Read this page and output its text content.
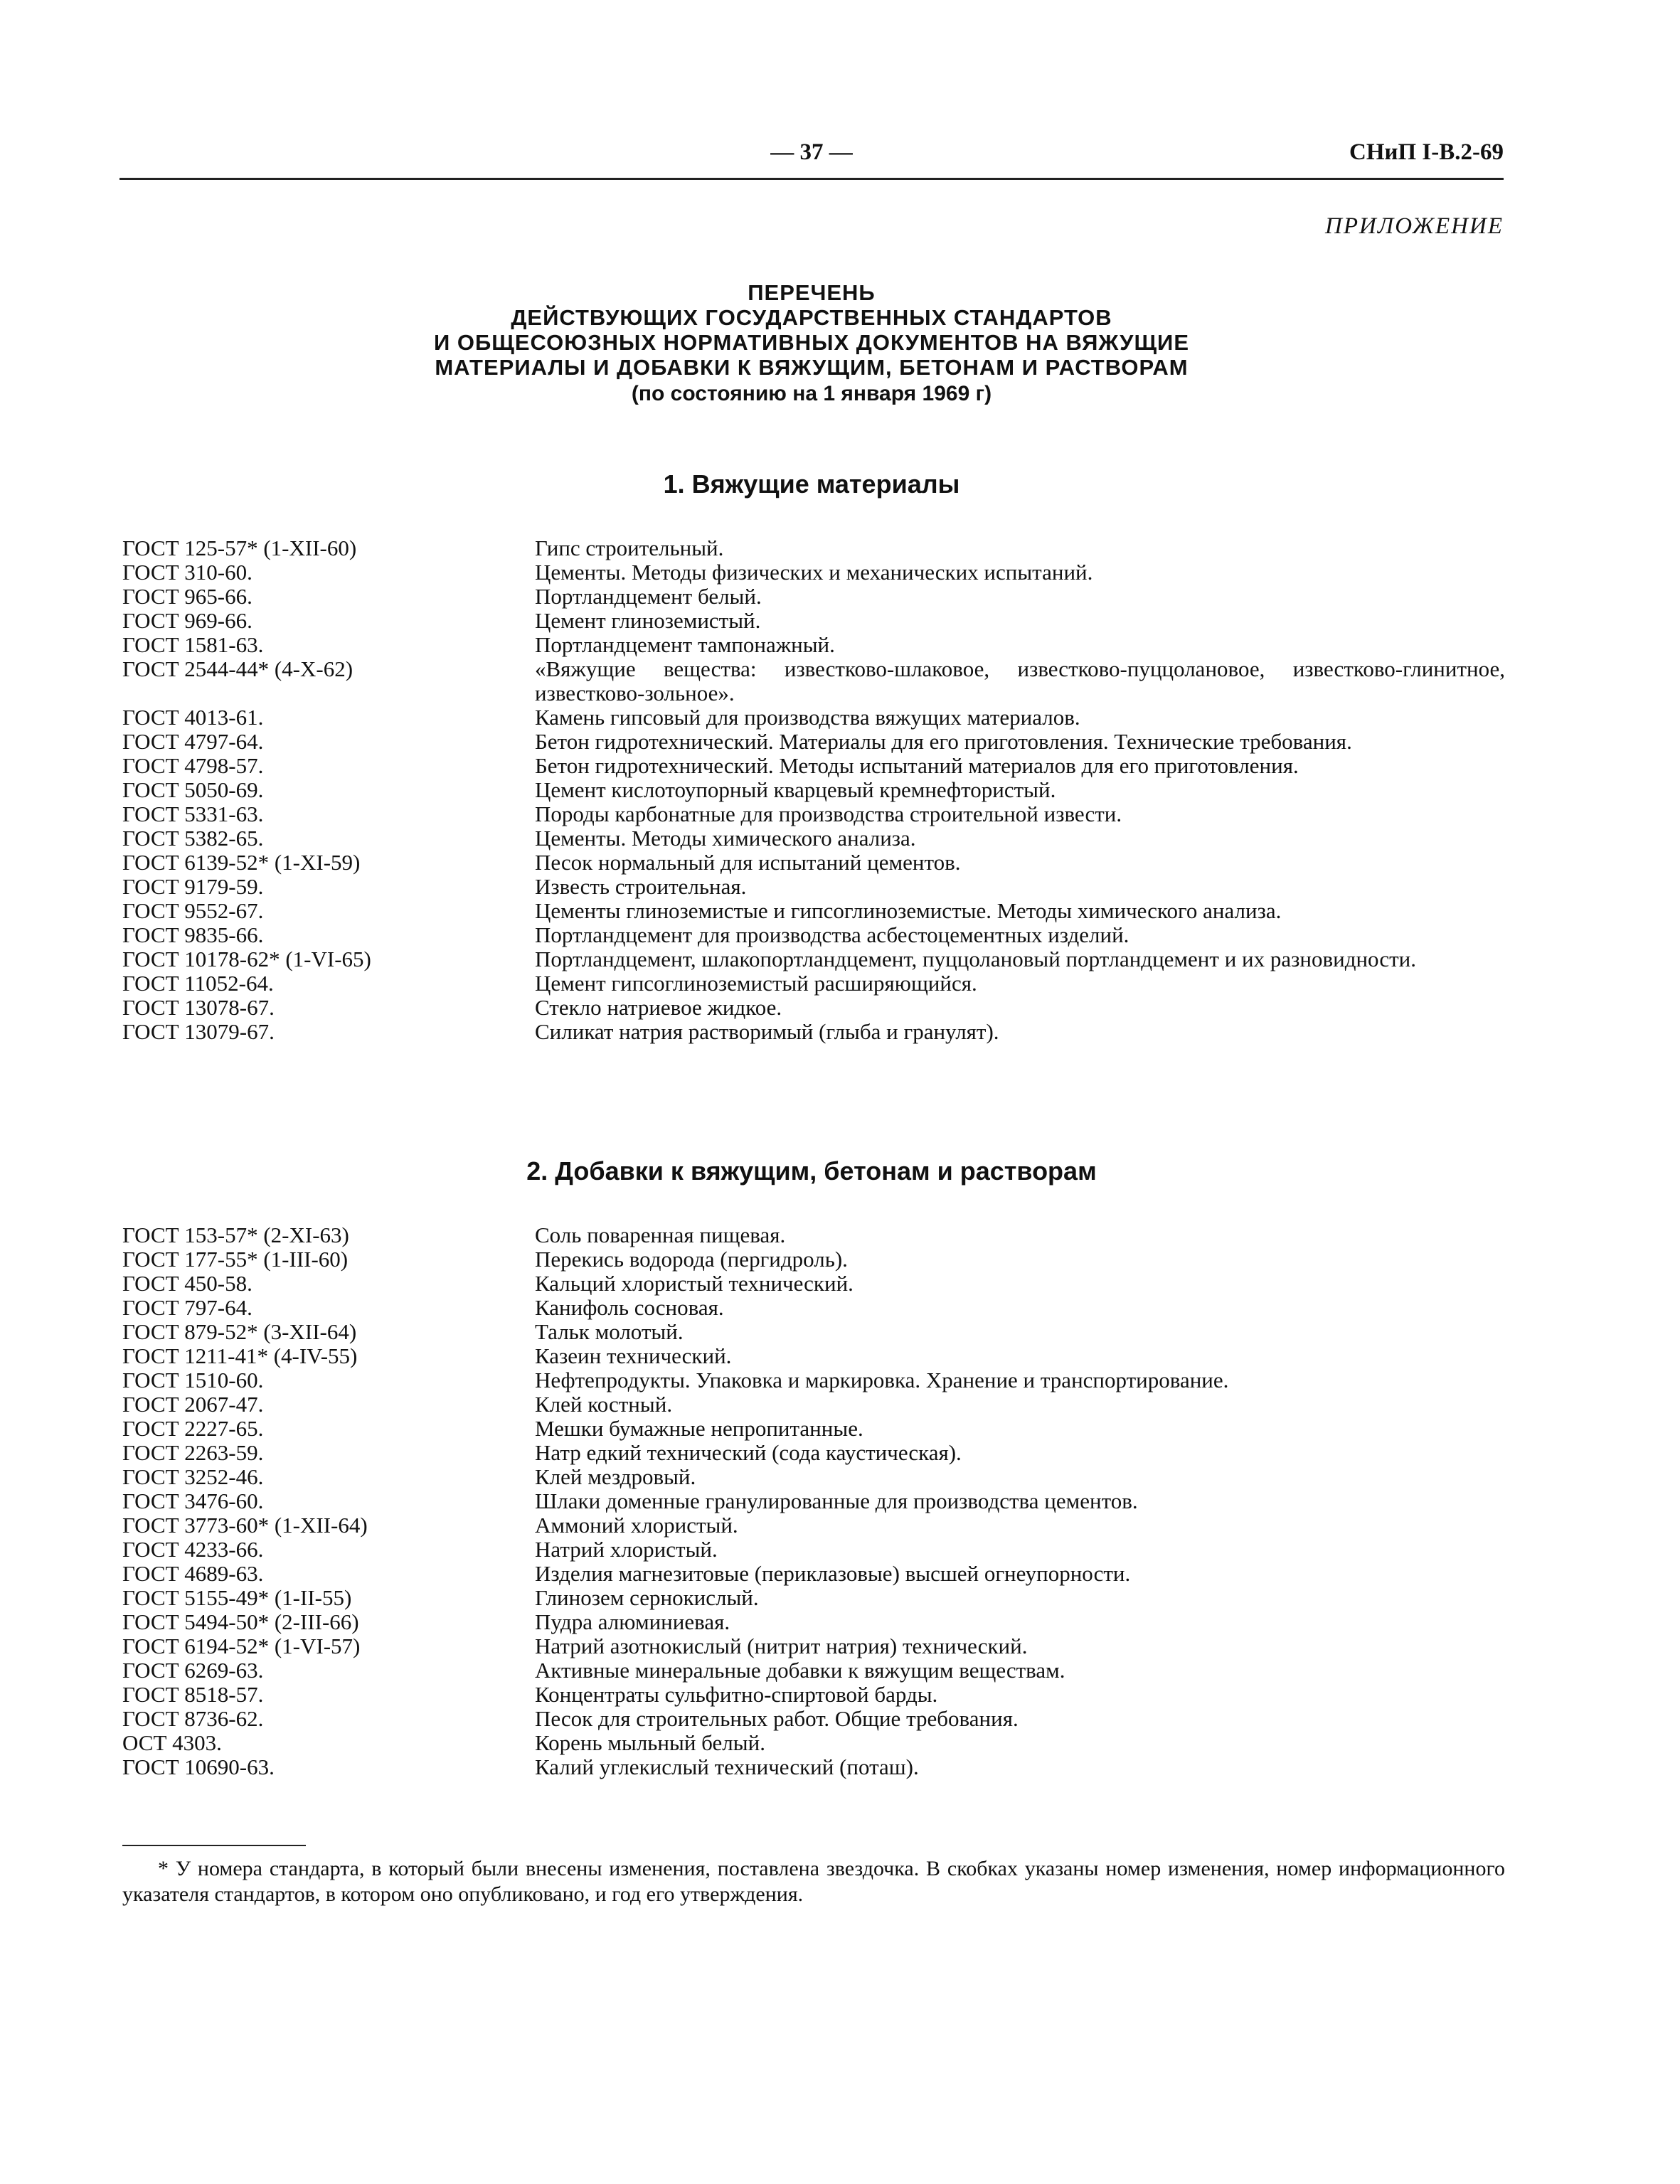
— 37 —	СНиП I-В.2-69
ПРИЛОЖЕНИЕ
ПЕРЕЧЕНЬ
ДЕЙСТВУЮЩИХ ГОСУДАРСТВЕННЫХ СТАНДАРТОВ
И ОБЩЕСОЮЗНЫХ НОРМАТИВНЫХ ДОКУМЕНТОВ НА ВЯЖУЩИЕ
МАТЕРИАЛЫ И ДОБАВКИ К ВЯЖУЩИМ, БЕТОНАМ И РАСТВОРАМ
(по состоянию на 1 января 1969 г)
1. Вяжущие материалы
ГОСТ 125-57* (1-XII-60)	Гипс строительный.
ГОСТ 310-60.	Цементы. Методы физических и механических испытаний.
ГОСТ 965-66.	Портландцемент белый.
ГОСТ 969-66.	Цемент глиноземистый.
ГОСТ 1581-63.	Портландцемент тампонажный.
ГОСТ 2544-44* (4-X-62)	«Вяжущие вещества: известково-шлаковое, известково-пуццолановое, известково-глинитное, известково-зольное».
ГОСТ 4013-61.	Камень гипсовый для производства вяжущих материалов.
ГОСТ 4797-64.	Бетон гидротехнический. Материалы для его приготовления. Технические требования.
ГОСТ 4798-57.	Бетон гидротехнический. Методы испытаний материалов для его приготовления.
ГОСТ 5050-69.	Цемент кислотоупорный кварцевый кремнефтористый.
ГОСТ 5331-63.	Породы карбонатные для производства строительной извести.
ГОСТ 5382-65.	Цементы. Методы химического анализа.
ГОСТ 6139-52* (1-XI-59)	Песок нормальный для испытаний цементов.
ГОСТ 9179-59.	Известь строительная.
ГОСТ 9552-67.	Цементы глиноземистые и гипсоглиноземистые. Методы химического анализа.
ГОСТ 9835-66.	Портландцемент для производства асбестоцементных изделий.
ГОСТ 10178-62* (1-VI-65)	Портландцемент, шлакопортландцемент, пуццолановый портландцемент и их разновидности.
ГОСТ 11052-64.	Цемент гипсоглиноземистый расширяющийся.
ГОСТ 13078-67.	Стекло натриевое жидкое.
ГОСТ 13079-67.	Силикат натрия растворимый (глыба и гранулят).
2. Добавки к вяжущим, бетонам и растворам
ГОСТ 153-57* (2-XI-63)	Соль поваренная пищевая.
ГОСТ 177-55* (1-III-60)	Перекись водорода (пергидроль).
ГОСТ 450-58.	Кальций хлористый технический.
ГОСТ 797-64.	Канифоль сосновая.
ГОСТ 879-52* (3-XII-64)	Тальк молотый.
ГОСТ 1211-41* (4-IV-55)	Казеин технический.
ГОСТ 1510-60.	Нефтепродукты. Упаковка и маркировка. Хранение и транспортирование.
ГОСТ 2067-47.	Клей костный.
ГОСТ 2227-65.	Мешки бумажные непропитанные.
ГОСТ 2263-59.	Натр едкий технический (сода каустическая).
ГОСТ 3252-46.	Клей мездровый.
ГОСТ 3476-60.	Шлаки доменные гранулированные для производства цементов.
ГОСТ 3773-60* (1-XII-64)	Аммоний хлористый.
ГОСТ 4233-66.	Натрий хлористый.
ГОСТ 4689-63.	Изделия магнезитовые (периклазовые) высшей огнеупорности.
ГОСТ 5155-49* (1-II-55)	Глинозем сернокислый.
ГОСТ 5494-50* (2-III-66)	Пудра алюминиевая.
ГОСТ 6194-52* (1-VI-57)	Натрий азотнокислый (нитрит натрия) технический.
ГОСТ 6269-63.	Активные минеральные добавки к вяжущим веществам.
ГОСТ 8518-57.	Концентраты сульфитно-спиртовой барды.
ГОСТ 8736-62.	Песок для строительных работ. Общие требования.
ОСТ 4303.	Корень мыльный белый.
ГОСТ 10690-63.	Калий углекислый технический (поташ).
* У номера стандарта, в который были внесены изменения, поставлена звездочка. В скобках указаны номер изменения, номер информационного указателя стандартов, в котором оно опубликовано, и год его утверждения.
